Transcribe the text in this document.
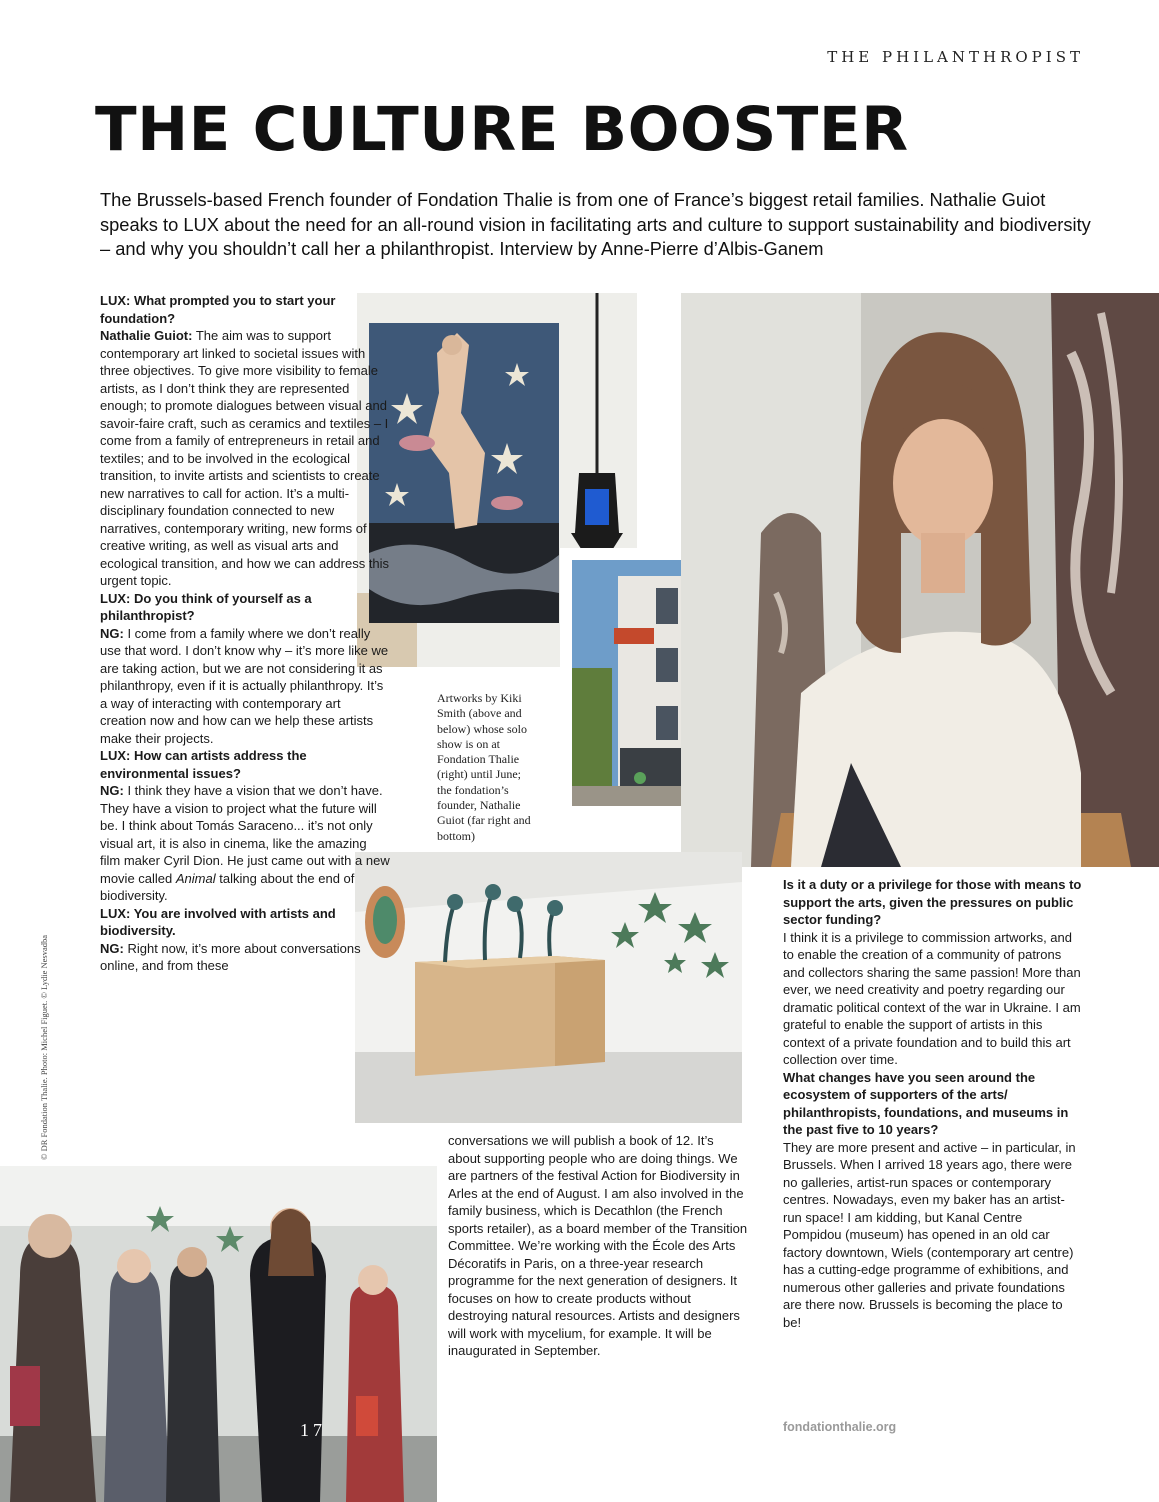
THE PHILANTHROPIST
THE CULTURE BOOSTER

The Brussels-based French founder of Fondation Thalie is from one of France’s biggest retail families. Nathalie Guiot speaks to LUX about the need for an all-round vision in facilitating arts and culture to support sustainability and biodiversity – and why you shouldn’t call her a philanthropist. Interview by Anne-Pierre d’Albis-Ganem

LUX: What prompted you to start your foundation?

Nathalie Guiot: The aim was to support contemporary art linked to societal issues with three objectives. To give more visibility to female artists, as I don’t think they are represented enough; to promote dialogues between visual and savoir-faire craft, such as ceramics and textiles – I come from a family of entrepreneurs in retail and textiles; and to be involved in the ecological transition, to invite artists and scientists to create new narratives to call for action. It’s a multi-disciplinary foundation connected to new narratives, contemporary writing, new forms of creative writing, as well as visual arts and ecological transition, and how we can address this urgent topic.

LUX: Do you think of yourself as a philanthropist?

NG: I come from a family where we don’t really use that word. I don’t know why – it’s more like we are taking action, but we are not considering it as philanthropy, even if it is actually philanthropy. It’s a way of interacting with contemporary art creation now and how can we help these artists make their projects.

LUX: How can artists address the environmental issues?

NG: I think they have a vision that we don’t have. They have a vision to project what the future will be. I think about Tomás Saraceno... it’s not only visual art, it is also in cinema, like the amazing film maker Cyril Dion. He just came out with a new movie called Animal talking about the end of biodiversity.

LUX: You are involved with artists and biodiversity.

NG: Right now, it’s more about conversations online, and from these

conversations we will publish a book of 12. It’s about supporting people who are doing things. We are partners of the festival Action for Biodiversity in Arles at the end of August. I am also involved in the family business, which is Decathlon (the French sports retailer), as a board member of the Transition Committee. We’re working with the École des Arts Décoratifs in Paris, on a three-year research programme for the next generation of designers. It focuses on how to create products without destroying natural resources. Artists and designers will work with mycelium, for example. It will be inaugurated in September.

Is it a duty or a privilege for those with means to support the arts, given the pressures on public sector funding?

I think it is a privilege to commission artworks, and to enable the creation of a community of patrons and collectors sharing the same passion! More than ever, we need creativity and poetry regarding our dramatic political context of the war in Ukraine. I am grateful to enable the support of artists in this context of a private foundation and to build this art collection over time.

What changes have you seen around the ecosystem of supporters of the arts/ philanthropists, foundations, and museums in the past five to 10 years?

They are more present and active – in particular, in Brussels. When I arrived 18 years ago, there were no galleries, artist-run spaces or contemporary centres. Nowadays, even my baker has an artist-run space! I am kidding, but Kanal Centre Pompidou (museum) has opened in an old car factory downtown, Wiels (contemporary art centre) has a cutting-edge programme of exhibitions, and numerous other galleries and private foundations are there now. Brussels is becoming the place to be!

fondationthalie.org
Artworks by Kiki Smith (above and below) whose solo show is on at Fondation Thalie (right) until June; the fondation’s founder, Nathalie Guiot (far right and bottom)
© DR Fondation Thalie. Photo: Michel Figuet. © Lydie Nesvadba
17
